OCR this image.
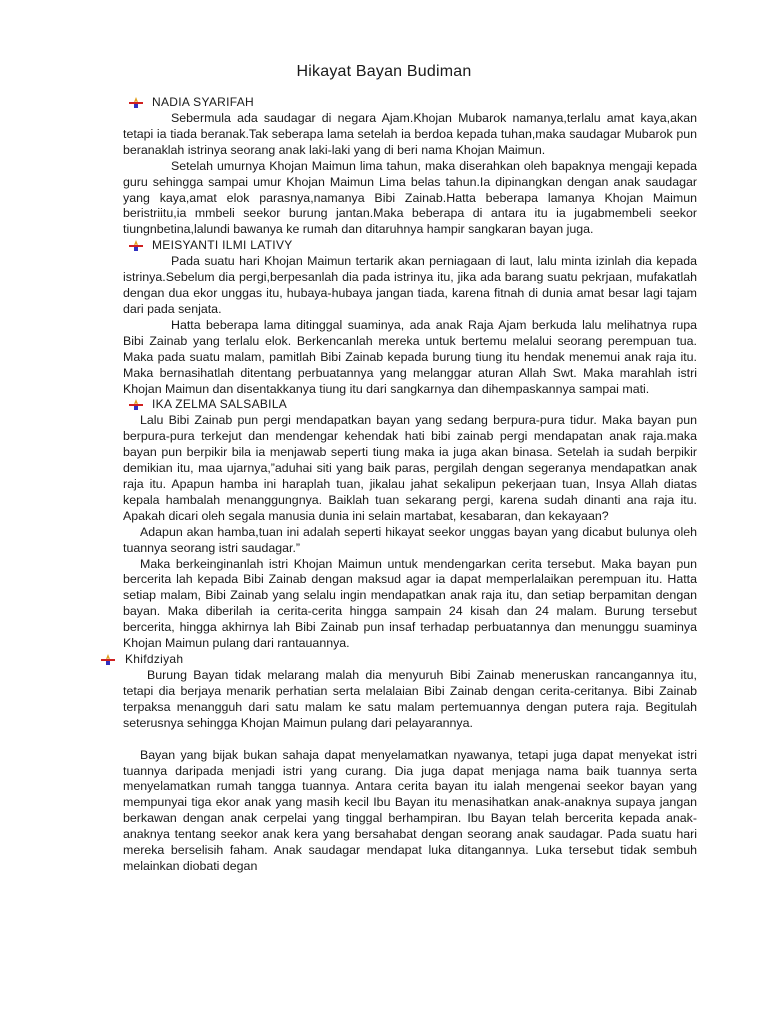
Hikayat Bayan Budiman
NADIA SYARIFAH

Sebermula ada saudagar di negara Ajam.Khojan Mubarok namanya,terlalu amat kaya,akan tetapi ia tiada beranak.Tak seberapa lama setelah ia berdoa kepada tuhan,maka saudagar Mubarok pun beranaklah istrinya seorang anak laki-laki yang di beri nama Khojan Maimun.

Setelah umurnya Khojan Maimun lima tahun, maka diserahkan oleh bapaknya mengaji kepada guru sehingga sampai umur Khojan Maimun Lima belas tahun.Ia dipinangkan dengan anak saudagar yang kaya,amat elok parasnya,namanya Bibi Zainab.Hatta beberapa lamanya Khojan Maimun beristriitu,ia mmbeli seekor burung jantan.Maka beberapa di antara itu ia jugabmembeli seekor tiungnbetina,lalundi bawanya ke rumah dan ditaruhnya hampir sangkaran bayan juga.

MEISYANTI ILMI LATIVY

Pada suatu hari Khojan Maimun tertarik akan perniagaan di laut, lalu minta izinlah dia kepada istrinya.Sebelum dia pergi,berpesanlah dia pada istrinya itu, jika ada barang suatu pekrjaan, mufakatlah dengan dua ekor unggas itu, hubaya-hubaya jangan tiada, karena fitnah di dunia amat besar lagi tajam dari pada senjata.

Hatta beberapa lama ditinggal suaminya, ada anak Raja Ajam berkuda lalu melihatnya rupa Bibi Zainab yang terlalu elok. Berkencanlah mereka untuk bertemu melalui seorang perempuan tua. Maka pada suatu malam, pamitlah Bibi Zainab kepada burung tiung itu hendak menemui anak raja itu. Maka bernasihatlah ditentang perbuatannya yang melanggar aturan Allah Swt. Maka marahlah istri Khojan Maimun dan disentakkanya tiung itu dari sangkarnya dan dihempaskannya sampai mati.

IKA ZELMA SALSABILA

Lalu Bibi Zainab pun pergi mendapatkan bayan yang sedang berpura-pura tidur. Maka bayan pun berpura-pura terkejut dan mendengar kehendak hati bibi zainab pergi mendapatan anak raja.maka bayan pun berpikir bila ia menjawab seperti tiung maka ia juga akan binasa. Setelah ia sudah berpikir demikian itu, maa ujarnya,”aduhai siti yang baik paras, pergilah dengan segeranya mendapatkan anak raja itu. Apapun hamba ini haraplah tuan, jikalau jahat sekalipun pekerjaan tuan, Insya Allah diatas kepala hambalah menanggungnya. Baiklah tuan sekarang pergi, karena sudah dinanti ana raja itu. Apakah dicari oleh segala manusia dunia ini selain martabat, kesabaran, dan kekayaan?

Adapun akan hamba,tuan ini adalah seperti hikayat seekor unggas bayan yang dicabut bulunya oleh tuannya seorang istri saudagar.”

Maka berkeinginanlah istri Khojan Maimun untuk mendengarkan cerita tersebut. Maka bayan pun bercerita lah kepada Bibi Zainab dengan maksud agar ia dapat memperlalaikan perempuan itu. Hatta setiap malam, Bibi Zainab yang selalu ingin mendapatkan anak raja itu, dan setiap berpamitan dengan bayan. Maka diberilah ia cerita-cerita hingga sampain 24 kisah dan 24 malam. Burung tersebut bercerita, hingga akhirnya lah Bibi Zainab pun insaf terhadap perbuatannya dan menunggu suaminya Khojan Maimun pulang dari rantauannya.

Khifdziyah

Burung Bayan tidak melarang malah dia menyuruh Bibi Zainab meneruskan rancangannya itu, tetapi dia berjaya menarik perhatian serta melalaian Bibi Zainab dengan cerita-ceritanya. Bibi Zainab terpaksa menangguh dari satu malam ke satu malam pertemuannya dengan putera raja. Begitulah seterusnya sehingga Khojan Maimun pulang dari pelayarannya.

Bayan yang bijak bukan sahaja dapat menyelamatkan nyawanya, tetapi juga dapat menyekat istri tuannya daripada menjadi istri yang curang. Dia juga dapat menjaga nama baik tuannya serta menyelamatkan rumah tangga tuannya. Antara cerita bayan itu ialah mengenai seekor bayan yang mempunyai tiga ekor anak yang masih kecil Ibu Bayan itu menasihatkan anak-anaknya supaya jangan berkawan dengan anak cerpelai yang tinggal berhampiran. Ibu Bayan telah bercerita kepada anak-anaknya tentang seekor anak kera yang bersahabat dengan seorang anak saudagar. Pada suatu hari mereka berselisih faham. Anak saudagar mendapat luka ditangannya. Luka tersebut tidak sembuh melainkan diobati degan
